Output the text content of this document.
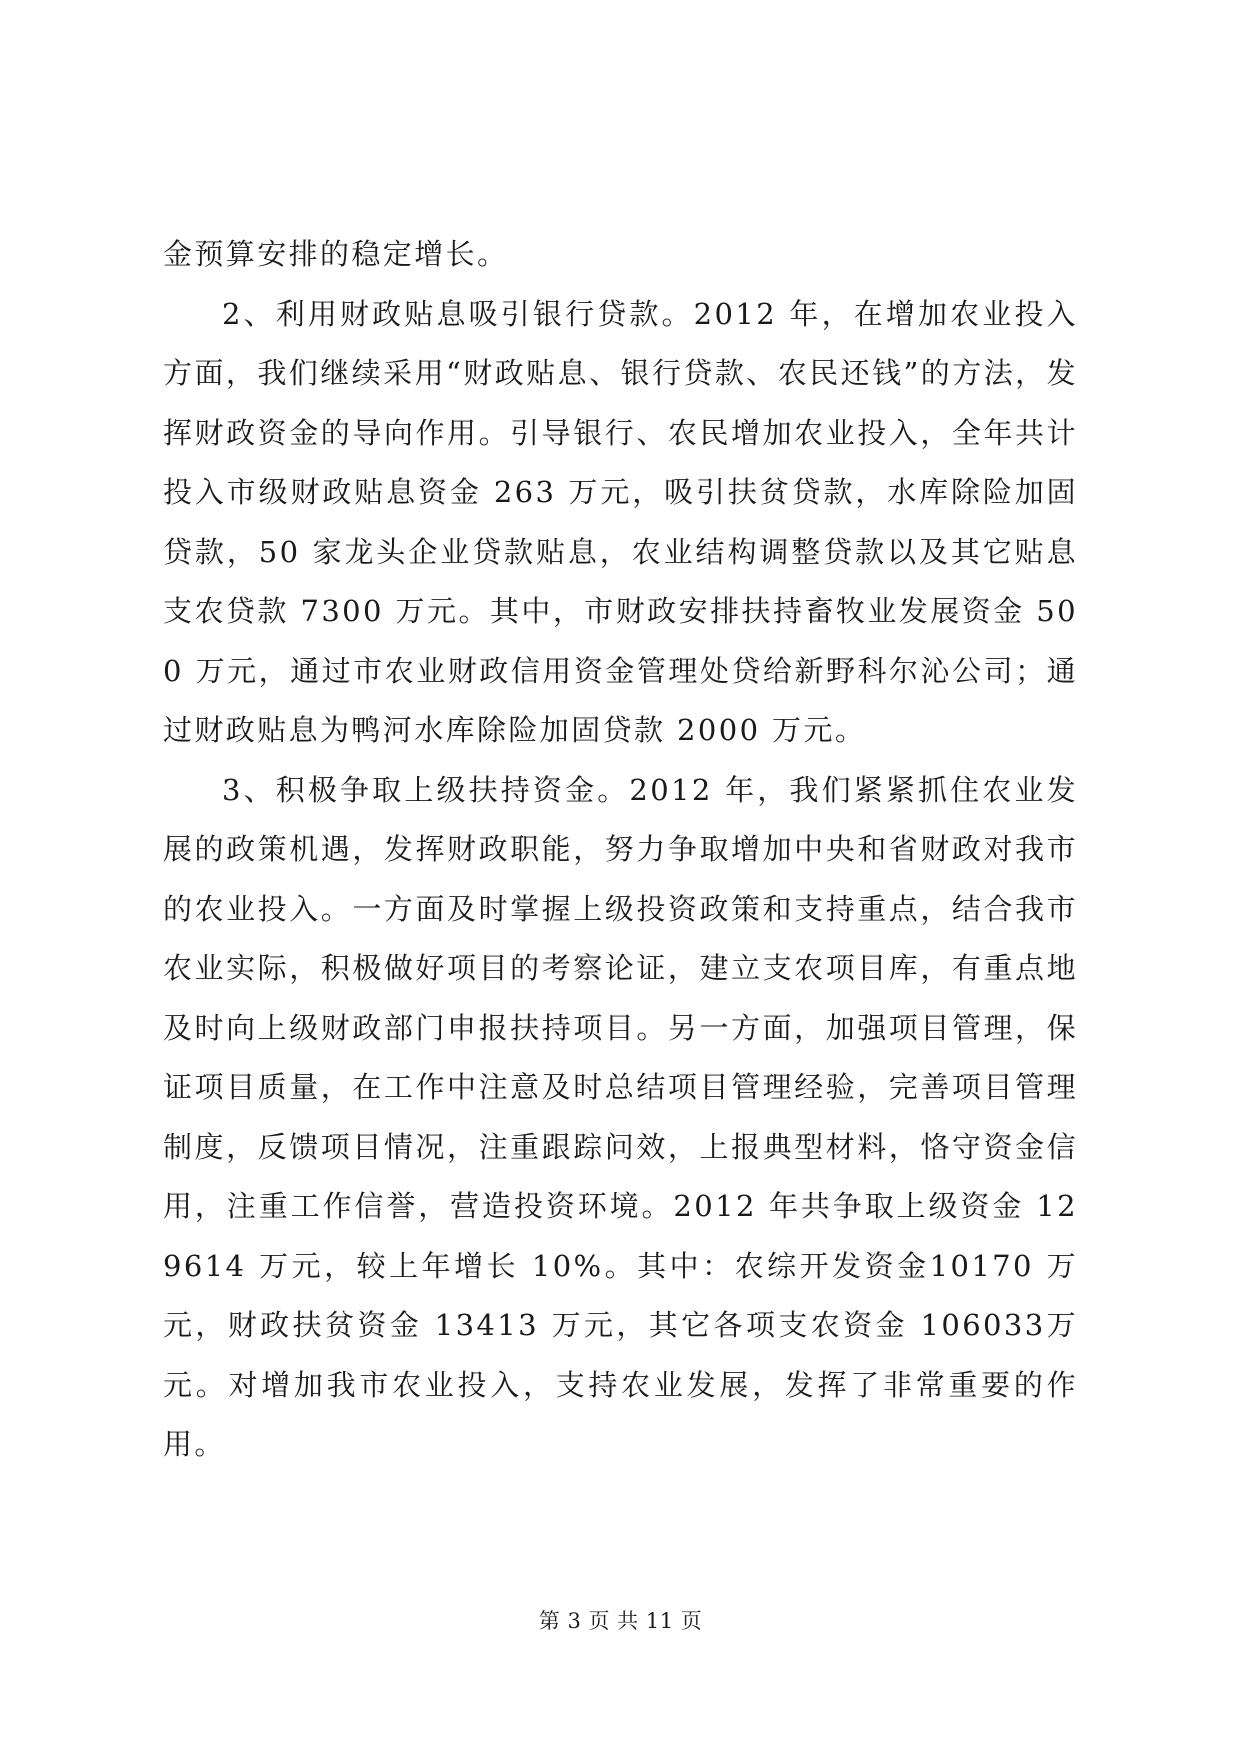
金预算安排的稳定增长。

2、利用财政贴息吸引银行贷款。2012 年，在增加农业投入方面，我们继续采用“财政贴息、银行贷款、农民还钱”的方法，发挥财政资金的导向作用。引导银行、农民增加农业投入，全年共计投入市级财政贴息资金 263 万元，吸引扶贫贷款，水库除险加固贷款，50 家龙头企业贷款贴息，农业结构调整贷款以及其它贴息支农贷款 7300 万元。其中，市财政安排扶持畜牧业发展资金 500 万元，通过市农业财政信用资金管理处贷给新野科尔沁公司；通过财政贴息为鸭河水库除险加固贷款 2000 万元。

3、积极争取上级扶持资金。2012 年，我们紧紧抓住农业发展的政策机遇，发挥财政职能，努力争取增加中央和省财政对我市的农业投入。一方面及时掌握上级投资政策和支持重点，结合我市农业实际，积极做好项目的考察论证，建立支农项目库，有重点地及时向上级财政部门申报扶持项目。另一方面，加强项目管理，保证项目质量，在工作中注意及时总结项目管理经验，完善项目管理制度，反馈项目情况，注重跟踪问效，上报典型材料，恪守资金信用，注重工作信誉，营造投资环境。2012 年共争取上级资金 129614 万元，较上年增长 10%。其中：农综开发资金10170 万元，财政扶贫资金 13413 万元，其它各项支农资金 106033万元。对增加我市农业投入，支持农业发展，发挥了非常重要的作用。

第 3 页 共 11 页
